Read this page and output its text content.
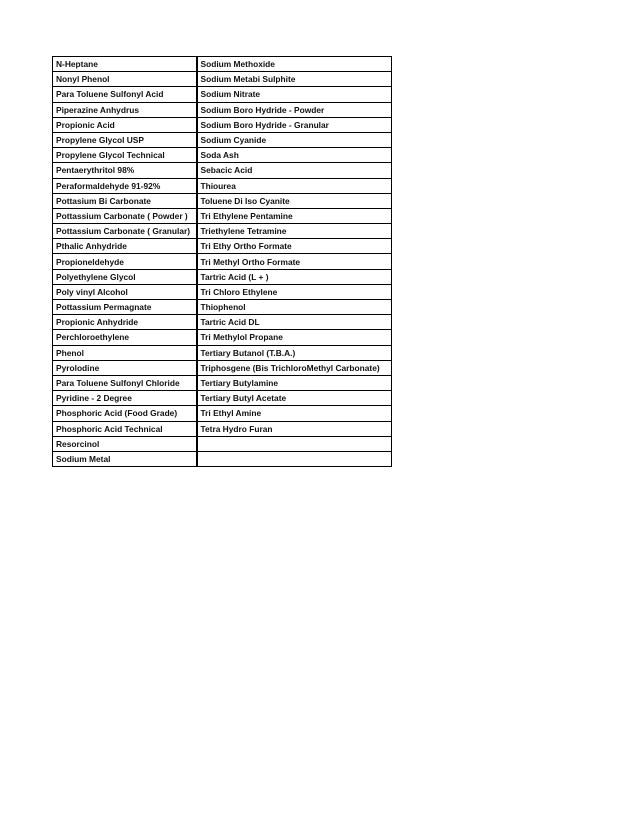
N-Heptane	Sodium Methoxide
Nonyl Phenol	Sodium Metabi Sulphite
Para Toluene Sulfonyl Acid	Sodium Nitrate
Piperazine Anhydrus	Sodium Boro Hydride - Powder
Propionic Acid	Sodium Boro Hydride - Granular
Propylene Glycol USP	Sodium Cyanide
Propylene Glycol Technical	Soda Ash
Pentaerythritol 98%	Sebacic Acid
Peraformaldehyde 91-92%	Thiourea
Pottasium Bi Carbonate	Toluene Di Iso Cyanite
Pottassium Carbonate ( Powder )	Tri Ethylene Pentamine
Pottassium Carbonate ( Granular)	Triethylene Tetramine
Pthalic Anhydride	Tri Ethy Ortho Formate
Propioneldehyde	Tri Methyl Ortho Formate
Polyethylene Glycol	Tartric Acid (L + )
Poly vinyl Alcohol	Tri Chloro Ethylene
Pottassium Permagnate	Thiophenol
Propionic Anhydride	Tartric Acid DL
Perchloroethylene	Tri Methylol Propane
Phenol	Tertiary Butanol (T.B.A.)
Pyrolodine	Triphosgene (Bis TrichloroMethyl Carbonate)
Para Toluene Sulfonyl Chloride	Tertiary Butylamine
Pyridine - 2 Degree	Tertiary Butyl Acetate
Phosphoric Acid (Food Grade)	Tri Ethyl Amine
Phosphoric Acid Technical	Tetra Hydro Furan
Resorcinol	
Sodium Metal	
